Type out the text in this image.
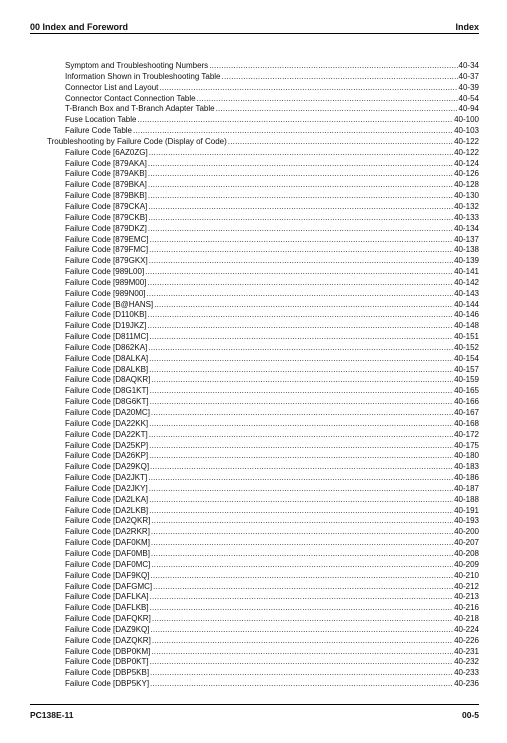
00 Index and Foreword	Index
Symptom and Troubleshooting Numbers .....	40-34
Information Shown in Troubleshooting Table .....	40-37
Connector List and Layout .....	40-39
Connector Contact Connection Table .....	40-54
T-Branch Box and T-Branch Adapter Table .....	40-94
Fuse Location Table .....	40-100
Failure Code Table .....	40-103
Troubleshooting by Failure Code (Display of Code) .....	40-122
Failure Code [6AZ0ZG] .....	40-122
Failure Code [879AKA] .....	40-124
Failure Code [879AKB] .....	40-126
Failure Code [879BKA] .....	40-128
Failure Code [879BKB] .....	40-130
Failure Code [879CKA] .....	40-132
Failure Code [879CKB] .....	40-133
Failure Code [879DKZ] .....	40-134
Failure Code [879EMC] .....	40-137
Failure Code [879FMC] .....	40-138
Failure Code [879GKX] .....	40-139
Failure Code [989L00] .....	40-141
Failure Code [989M00] .....	40-142
Failure Code [989N00] .....	40-143
Failure Code [B@HANS] .....	40-144
Failure Code [D110KB] .....	40-146
Failure Code [D19JKZ] .....	40-148
Failure Code [D811MC] .....	40-151
Failure Code [D862KA] .....	40-152
Failure Code [D8ALKA] .....	40-154
Failure Code [D8ALKB] .....	40-157
Failure Code [D8AQKR] .....	40-159
Failure Code [D8G1KT] .....	40-165
Failure Code [D8G6KT] .....	40-166
Failure Code [DA20MC] .....	40-167
Failure Code [DA22KK] .....	40-168
Failure Code [DA22KT] .....	40-172
Failure Code [DA25KP] .....	40-175
Failure Code [DA26KP] .....	40-180
Failure Code [DA29KQ] .....	40-183
Failure Code [DA2JKT] .....	40-186
Failure Code [DA2JKY] .....	40-187
Failure Code [DA2LKA] .....	40-188
Failure Code [DA2LKB] .....	40-191
Failure Code [DA2QKR] .....	40-193
Failure Code [DA2RKR] .....	40-200
Failure Code [DAF0KM] .....	40-207
Failure Code [DAF0MB] .....	40-208
Failure Code [DAF0MC] .....	40-209
Failure Code [DAF9KQ] .....	40-210
Failure Code [DAFGMC] .....	40-212
Failure Code [DAFLKA] .....	40-213
Failure Code [DAFLKB] .....	40-216
Failure Code [DAFQKR] .....	40-218
Failure Code [DAZ9KQ] .....	40-224
Failure Code [DAZQKR] .....	40-226
Failure Code [DBP0KM] .....	40-231
Failure Code [DBP0KT] .....	40-232
Failure Code [DBP5KB] .....	40-233
Failure Code [DBP5KY] .....	40-236
PC138E-11	00-5
